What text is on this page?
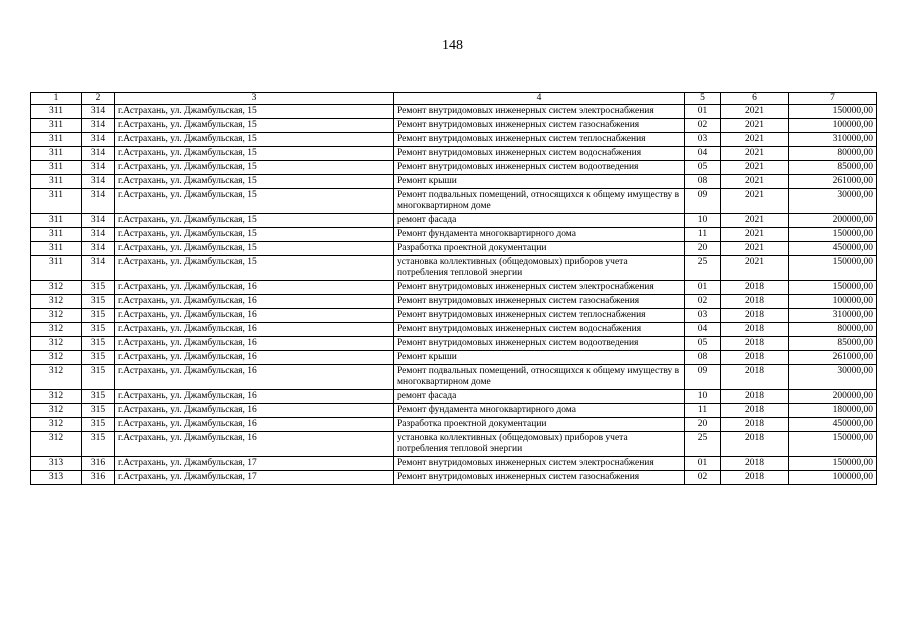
148
1	2	3	4	5	6	7
311	314	г.Астрахань, ул. Джамбульская, 15	Ремонт внутридомовых инженерных систем электроснабжения	01	2021	150000,00
311	314	г.Астрахань, ул. Джамбульская, 15	Ремонт внутридомовых инженерных систем газоснабжения	02	2021	100000,00
311	314	г.Астрахань, ул. Джамбульская, 15	Ремонт внутридомовых инженерных систем теплоснабжения	03	2021	310000,00
311	314	г.Астрахань, ул. Джамбульская, 15	Ремонт внутридомовых инженерных систем водоснабжения	04	2021	80000,00
311	314	г.Астрахань, ул. Джамбульская, 15	Ремонт внутридомовых инженерных систем водоотведения	05	2021	85000,00
311	314	г.Астрахань, ул. Джамбульская, 15	Ремонт крыши	08	2021	261000,00
311	314	г.Астрахань, ул. Джамбульская, 15	Ремонт подвальных помещений, относящихся к общему имуществу в многоквартирном доме	09	2021	30000,00
311	314	г.Астрахань, ул. Джамбульская, 15	ремонт фасада	10	2021	200000,00
311	314	г.Астрахань, ул. Джамбульская, 15	Ремонт фундамента многоквартирного дома	11	2021	150000,00
311	314	г.Астрахань, ул. Джамбульская, 15	Разработка проектной документации	20	2021	450000,00
311	314	г.Астрахань, ул. Джамбульская, 15	установка коллективных (общедомовых) приборов учета потребления тепловой энергии	25	2021	150000,00
312	315	г.Астрахань, ул. Джамбульская, 16	Ремонт внутридомовых инженерных систем электроснабжения	01	2018	150000,00
312	315	г.Астрахань, ул. Джамбульская, 16	Ремонт внутридомовых инженерных систем газоснабжения	02	2018	100000,00
312	315	г.Астрахань, ул. Джамбульская, 16	Ремонт внутридомовых инженерных систем теплоснабжения	03	2018	310000,00
312	315	г.Астрахань, ул. Джамбульская, 16	Ремонт внутридомовых инженерных систем водоснабжения	04	2018	80000,00
312	315	г.Астрахань, ул. Джамбульская, 16	Ремонт внутридомовых инженерных систем водоотведения	05	2018	85000,00
312	315	г.Астрахань, ул. Джамбульская, 16	Ремонт крыши	08	2018	261000,00
312	315	г.Астрахань, ул. Джамбульская, 16	Ремонт подвальных помещений, относящихся к общему имуществу в многоквартирном доме	09	2018	30000,00
312	315	г.Астрахань, ул. Джамбульская, 16	ремонт фасада	10	2018	200000,00
312	315	г.Астрахань, ул. Джамбульская, 16	Ремонт фундамента многоквартирного дома	11	2018	180000,00
312	315	г.Астрахань, ул. Джамбульская, 16	Разработка проектной документации	20	2018	450000,00
312	315	г.Астрахань, ул. Джамбульская, 16	установка коллективных (общедомовых) приборов учета потребления тепловой энергии	25	2018	150000,00
313	316	г.Астрахань, ул. Джамбульская, 17	Ремонт внутридомовых инженерных систем электроснабжения	01	2018	150000,00
313	316	г.Астрахань, ул. Джамбульская, 17	Ремонт внутридомовых инженерных систем газоснабжения	02	2018	100000,00
